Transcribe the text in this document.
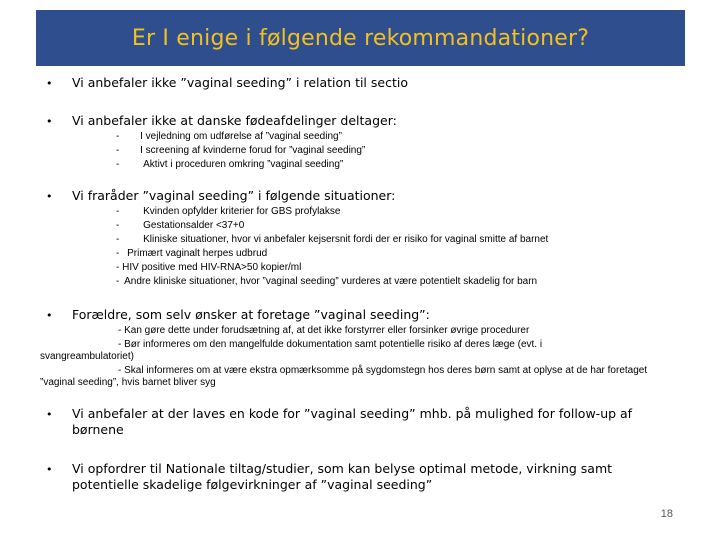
Er I enige i følgende rekommandationer?
• Vi anbefaler ikke ”vaginal seeding” i relation til sectio
• Vi anbefaler ikke at danske fødeafdelinger deltager:
- I vejledning om udførelse af ”vaginal seeding”
- I screening af kvinderne forud for ”vaginal seeding”
- Aktivt i proceduren omkring ”vaginal seeding”
• Vi fraråder ”vaginal seeding” i følgende situationer:
- Kvinden opfylder kriterier for GBS profylakse
- Gestationsalder <37+0
- Kliniske situationer, hvor vi anbefaler kejsersnit fordi der er risiko for vaginal smitte af barnet
- Primært vaginalt herpes udbrud
- HIV positive med HIV-RNA>50 kopier/ml
- Andre kliniske situationer, hvor ”vaginal seeding” vurderes at være potentielt skadelig for barn
• Forældre, som selv ønsker at foretage ”vaginal seeding”:
- Kan gøre dette under forudsætning af, at det ikke forstyrrer eller forsinker øvrige procedurer
- Bør informeres om den mangelfulde dokumentation samt potentielle risiko af deres læge (evt. i svangreambulatoriet)
- Skal informeres om at være ekstra opmærksomme på sygdomstegn hos deres børn samt at oplyse at de har foretaget ”vaginal seeding”, hvis barnet bliver syg
• Vi anbefaler at der laves en kode for ”vaginal seeding” mhb. på mulighed for follow-up af børnene
• Vi opfordrer til Nationale tiltag/studier, som kan belyse optimal metode, virkning samt potentielle skadelige følgevirkninger af ”vaginal seeding”
18
